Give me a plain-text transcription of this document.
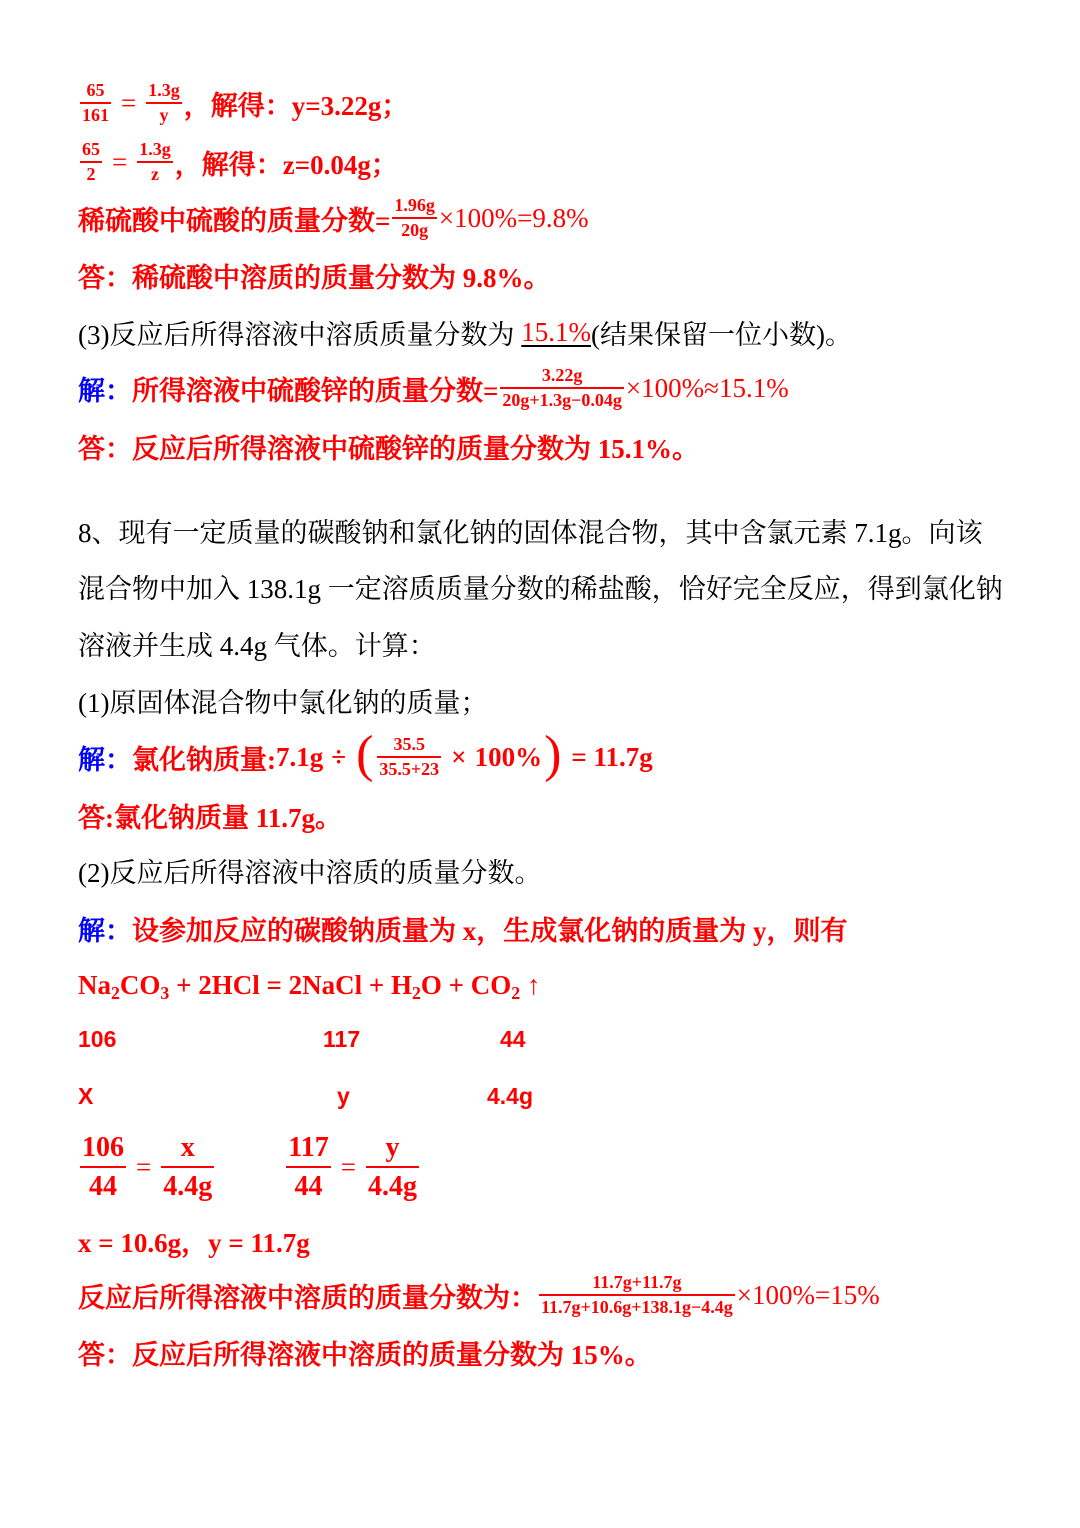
$\frac{65}{161} = \frac{1.3g}{y}$ ，解得：y=3.22g；
$\frac{65}{2} = \frac{1.3g}{z}$ ，解得：z=0.04g；
稀硫酸中硫酸的质量分数= $\frac{1.96g}{20g} \times 100\%=9.8\%$
答：稀硫酸中溶质的质量分数为 9.8%。
(3)反应后所得溶液中溶质质量分数为 15.1% (结果保留一位小数)。
解： 所得溶液中硫酸锌的质量分数= $\frac{3.22g}{20g+1.3g-0.04g} \times 100\%\approx 15.1\%$
答：反应后所得溶液中硫酸锌的质量分数为 15.1%。
8、现有一定质量的碳酸钠和氯化钠的固体混合物，其中含氯元素 7.1g。向该
混合物中加入 138.1g 一定溶质质量分数的稀盐酸，恰好完全反应，得到氯化钠
溶液并生成 4.4g 气体。计算：
(1)原固体混合物中氯化钠的质量；
解： 氯化钠质量: 7.1g ÷ ( $\frac{35.5}{35.5+23} \times 100\%$ ) = 11.7g
答:氯化钠质量 11.7g。
(2)反应后所得溶液中溶质的质量分数。
解： 设参加反应的碳酸钠质量为 x，生成氯化钠的质量为 y，则有
$Na_2CO_3 + 2HCl$ = 2NaCl + $H_2O + CO_2$ ↑
106	117	44
X	y	4.4g
$\frac{106}{44} = \frac{x}{4.4g}$	$\frac{117}{44} = \frac{y}{4.4g}$
x = 10.6g，y = 11.7g
反应后所得溶液中溶质的质量分数为： $\frac{11.7g+11.7g}{11.7g+10.6g+138.1g-4.4g} \times 100\%=15\%$
答：反应后所得溶液中溶质的质量分数为 15%。
